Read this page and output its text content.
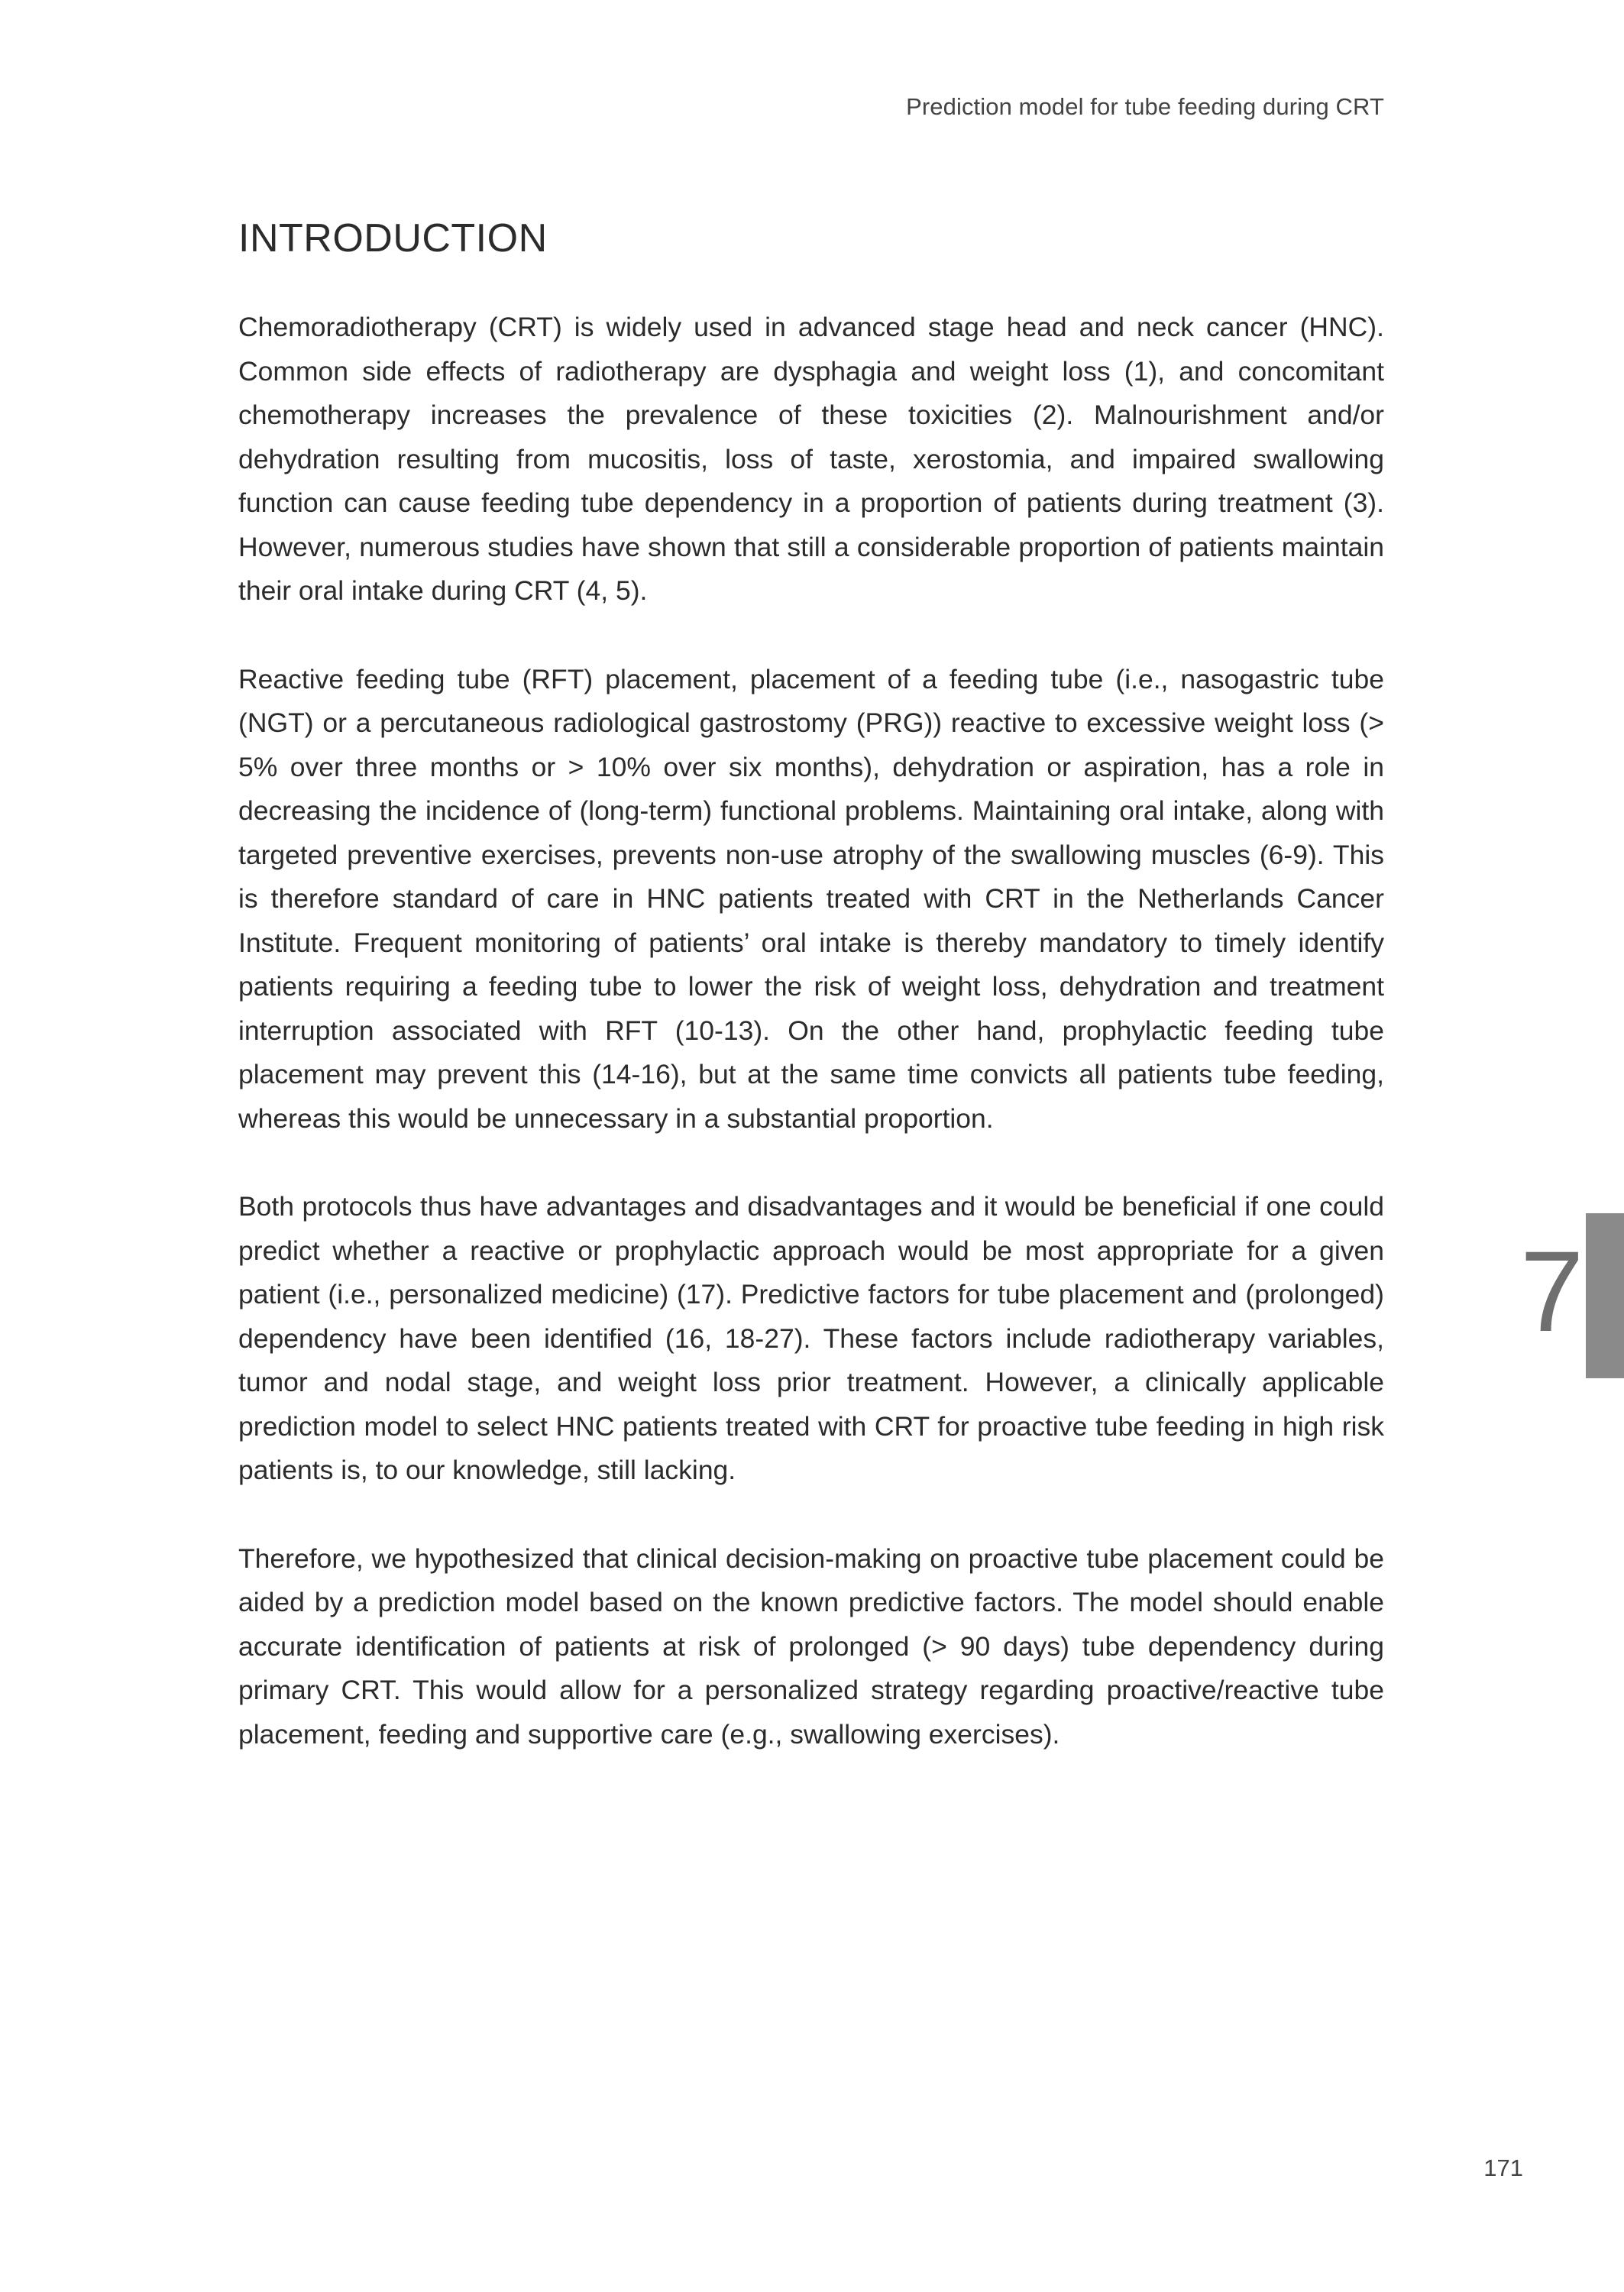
Prediction model for tube feeding during CRT
INTRODUCTION

Chemoradiotherapy (CRT) is widely used in advanced stage head and neck cancer (HNC). Common side effects of radiotherapy are dysphagia and weight loss (1), and concomitant chemotherapy increases the prevalence of these toxicities (2). Malnourishment and/or dehydration resulting from mucositis, loss of taste, xerostomia, and impaired swallowing function can cause feeding tube dependency in a proportion of patients during treatment (3). However, numerous studies have shown that still a considerable proportion of patients maintain their oral intake during CRT (4, 5).

Reactive feeding tube (RFT) placement, placement of a feeding tube (i.e., nasogastric tube (NGT) or a percutaneous radiological gastrostomy (PRG)) reactive to excessive weight loss (> 5% over three months or > 10% over six months), dehydration or aspiration, has a role in decreasing the incidence of (long-term) functional problems. Maintaining oral intake, along with targeted preventive exercises, prevents non-use atrophy of the swallowing muscles (6-9). This is therefore standard of care in HNC patients treated with CRT in the Netherlands Cancer Institute. Frequent monitoring of patients’ oral intake is thereby mandatory to timely identify patients requiring a feeding tube to lower the risk of weight loss, dehydration and treatment interruption associated with RFT (10-13). On the other hand, prophylactic feeding tube placement may prevent this (14-16), but at the same time convicts all patients tube feeding, whereas this would be unnecessary in a substantial proportion.

Both protocols thus have advantages and disadvantages and it would be beneficial if one could predict whether a reactive or prophylactic approach would be most appropriate for a given patient (i.e., personalized medicine) (17). Predictive factors for tube placement and (prolonged) dependency have been identified (16, 18-27). These factors include radiotherapy variables, tumor and nodal stage, and weight loss prior treatment. However, a clinically applicable prediction model to select HNC patients treated with CRT for proactive tube feeding in high risk patients is, to our knowledge, still lacking.

Therefore, we hypothesized that clinical decision-making on proactive tube placement could be aided by a prediction model based on the known predictive factors. The model should enable accurate identification of patients at risk of prolonged (> 90 days) tube dependency during primary CRT. This would allow for a personalized strategy regarding proactive/reactive tube placement, feeding and supportive care (e.g., swallowing exercises).

7
171
